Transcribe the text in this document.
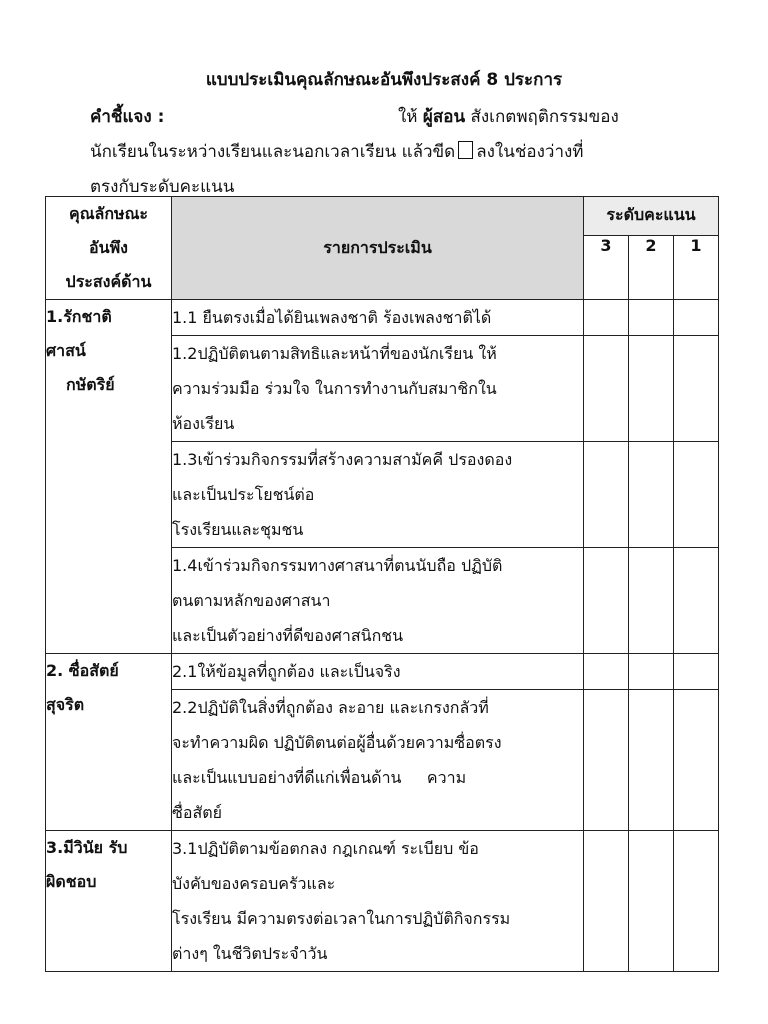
แบบประเมินคุณลักษณะอันพึงประสงค์ 8 ประการ
คำชี้แจง :	ให้ ผู้สอน สังเกตพฤติกรรมของ
นักเรียนในระหว่างเรียนและนอกเวลาเรียน แล้วขีด ลงในช่องว่างที่
ตรงกับระดับคะแนน
คุณลักษณะ
อันพึง
ประสงค์ด้าน	รายการประเมิน	ระดับคะแนน		
		3	2	1

1.รักชาติ
ศาสน์
กษัตริย์	1.1 ยืนตรงเมื่อได้ยินเพลงชาติ ร้องเพลงชาติได้			

	1.2ปฏิบัติตนตามสิทธิและหน้าที่ของนักเรียน ให้
ความร่วมมือ ร่วมใจ ในการทำงานกับสมาชิกใน
ห้องเรียน			

	1.3เข้าร่วมกิจกรรมที่สร้างความสามัคคี ปรองดอง
และเป็นประโยชน์ต่อ
โรงเรียนและชุมชน			

	1.4เข้าร่วมกิจกรรมทางศาสนาที่ตนนับถือ ปฏิบัติ
ตนตามหลักของศาสนา
และเป็นตัวอย่างที่ดีของศาสนิกชน			

2. ซื่อสัตย์
สุจริต	2.1ให้ข้อมูลที่ถูกต้อง และเป็นจริง			

	2.2ปฏิบัติในสิ่งที่ถูกต้อง ละอาย และเกรงกลัวที่
จะทำความผิด ปฏิบัติตนต่อผู้อื่นด้วยความซื่อตรง
และเป็นแบบอย่างที่ดีแก่เพื่อนด้าน     ความ
ซื่อสัตย์			

3.มีวินัย รับ
ผิดชอบ	3.1ปฏิบัติตามข้อตกลง กฎเกณฑ์ ระเบียบ ข้อ
บังคับของครอบครัวและ
โรงเรียน มีความตรงต่อเวลาในการปฏิบัติกิจกรรม
ต่างๆ ในชีวิตประจำวัน			
